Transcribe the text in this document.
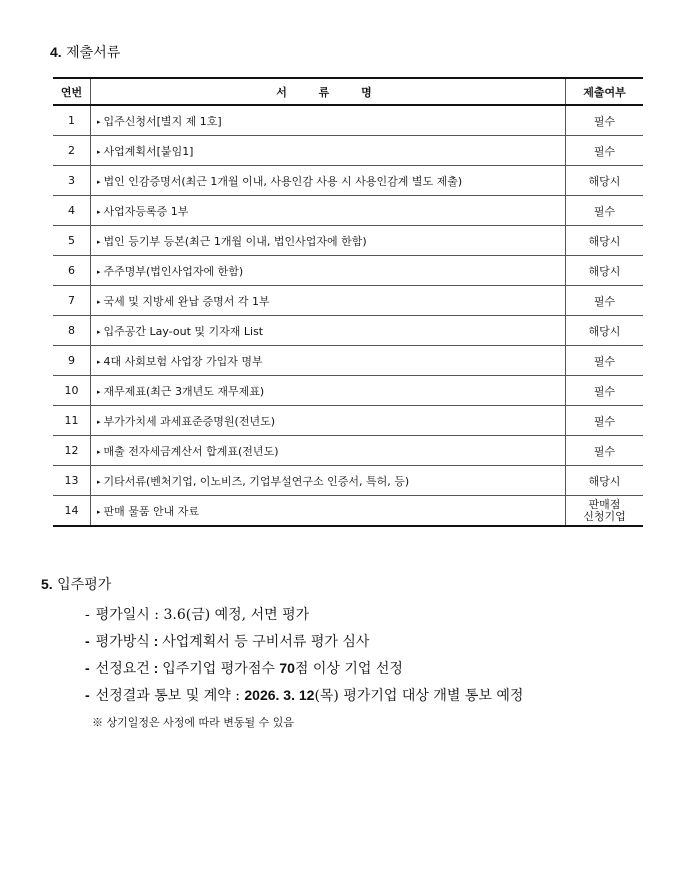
4. 제출서류
연번	서 류 명	제출여부
1	▸ 입주신청서[별지 제 1호]	필수
2	▸ 사업계획서[붙임1]	필수
3	▸ 법인 인감증명서(최근 1개월 이내, 사용인감 사용 시 사용인감계 별도 제출)	해당시
4	▸ 사업자등록증 1부	필수
5	▸ 법인 등기부 등본(최근 1개월 이내, 법인사업자에 한함)	해당시
6	▸ 주주명부(법인사업자에 한함)	해당시
7	▸ 국세 및 지방세 완납 증명서 각 1부	필수
8	▸ 입주공간 Lay-out 및 기자재 List	해당시
9	▸ 4대 사회보험 사업장 가입자 명부	필수
10	▸ 재무제표(최근 3개년도 재무제표)	필수
11	▸ 부가가치세 과세표준증명원(전년도)	필수
12	▸ 매출 전자세금계산서 합계표(전년도)	필수
13	▸ 기타서류(벤처기업, 이노비즈, 기업부설연구소 인증서, 특허, 등)	해당시
14	▸ 판매 물품 안내 자료	판매점
신청기업
5. 입주평가
- 평가일시 : 3.6(금) 예정, 서면 평가
- 평가방식 : 사업계획서 등 구비서류 평가 심사
- 선정요건 : 입주기업 평가점수 70점 이상 기업 선정
- 선정결과 통보 및 계약 : 2026. 3. 12(목) 평가기업 대상 개별 통보 예정
※ 상기일정은 사정에 따라 변동될 수 있음
